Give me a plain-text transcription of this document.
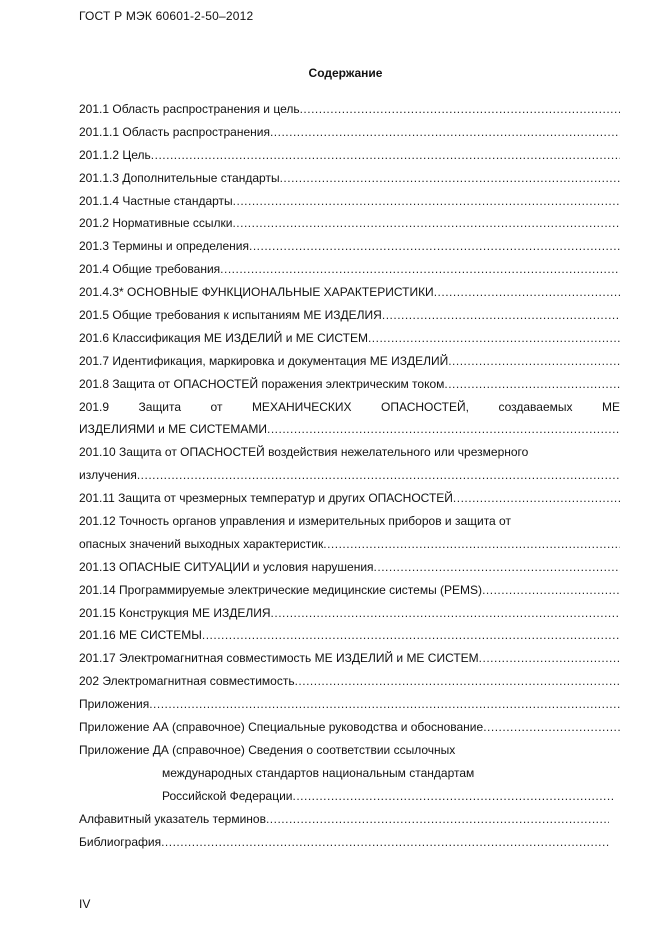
ГОСТ Р МЭК 60601-2-50–2012
Содержание
201.1 Область распространения и цель
.....
201.1.1 Область распространения
.....
201.1.2 Цель
.....
201.1.3 Дополнительные стандарты
.....
201.1.4 Частные стандарты
.....
201.2 Нормативные ссылки
.....
201.3 Термины и определения
.....
201.4 Общие требования
.....
201.4.3* ОСНОВНЫЕ ФУНКЦИОНАЛЬНЫЕ ХАРАКТЕРИСТИКИ
.....
201.5 Общие требования к испытаниям МЕ ИЗДЕЛИЯ
.....
201.6 Классификация МЕ ИЗДЕЛИЙ и МЕ СИСТЕМ
.....
201.7 Идентификация, маркировка и документация МЕ ИЗДЕЛИЙ
.....
201.8 Защита от ОПАСНОСТЕЙ поражения электрическим током
.....
201.9 Защита от МЕХАНИЧЕСКИХ ОПАСНОСТЕЙ, создаваемых МЕ
ИЗДЕЛИЯМИ и МЕ СИСТЕМАМИ
.....
201.10 Защита от ОПАСНОСТЕЙ воздействия нежелательного или чрезмерного
излучения
.....
201.11 Защита от чрезмерных температур и других ОПАСНОСТЕЙ
.....
201.12 Точность органов управления и измерительных приборов и защита от
опасных значений выходных характеристик
.....
201.13 ОПАСНЫЕ СИТУАЦИИ и условия нарушения
.....
201.14 Программируемые электрические медицинские системы (PEMS)
.....
201.15 Конструкция МЕ ИЗДЕЛИЯ
.....
201.16 МЕ СИСТЕМЫ
.....
201.17 Электромагнитная совместимость МЕ ИЗДЕЛИЙ и МЕ СИСТЕМ
.....
202 Электромагнитная совместимость
.....
Приложения
.....
Приложение АА (справочное) Специальные руководства и обоснование
.....
Приложение ДА (справочное) Сведения о соответствии ссылочных
международных стандартов национальным стандартам
Российской Федерации
.....
Алфавитный указатель терминов
.....
Библиография
.....
IV
